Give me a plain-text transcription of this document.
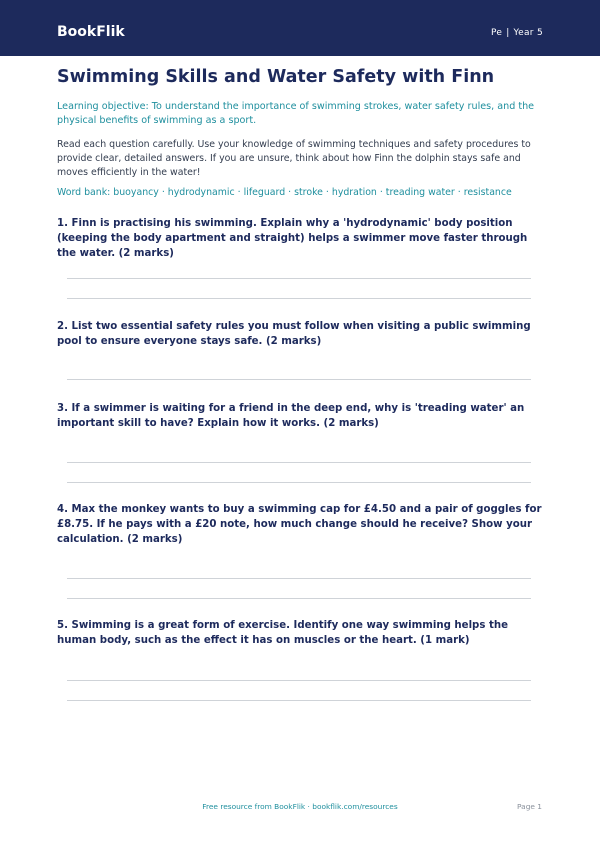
BookFlik	Pe | Year 5
Swimming Skills and Water Safety with Finn

Learning objective: To understand the importance of swimming strokes, water safety rules, and the physical benefits of swimming as a sport.

Read each question carefully. Use your knowledge of swimming techniques and safety procedures to provide clear, detailed answers. If you are unsure, think about how Finn the dolphin stays safe and moves efficiently in the water!

Word bank: buoyancy · hydrodynamic · lifeguard · stroke · hydration · treading water · resistance

1. Finn is practising his swimming. Explain why a 'hydrodynamic' body position (keeping the body apartment and straight) helps a swimmer move faster through the water. (2 marks)

2. List two essential safety rules you must follow when visiting a public swimming pool to ensure everyone stays safe. (2 marks)

3. If a swimmer is waiting for a friend in the deep end, why is 'treading water' an important skill to have? Explain how it works. (2 marks)

4. Max the monkey wants to buy a swimming cap for £4.50 and a pair of goggles for £8.75. If he pays with a £20 note, how much change should he receive? Show your calculation. (2 marks)

5. Swimming is a great form of exercise. Identify one way swimming helps the human body, such as the effect it has on muscles or the heart. (1 mark)

Free resource from BookFlik · bookflik.com/resources	Page 1
